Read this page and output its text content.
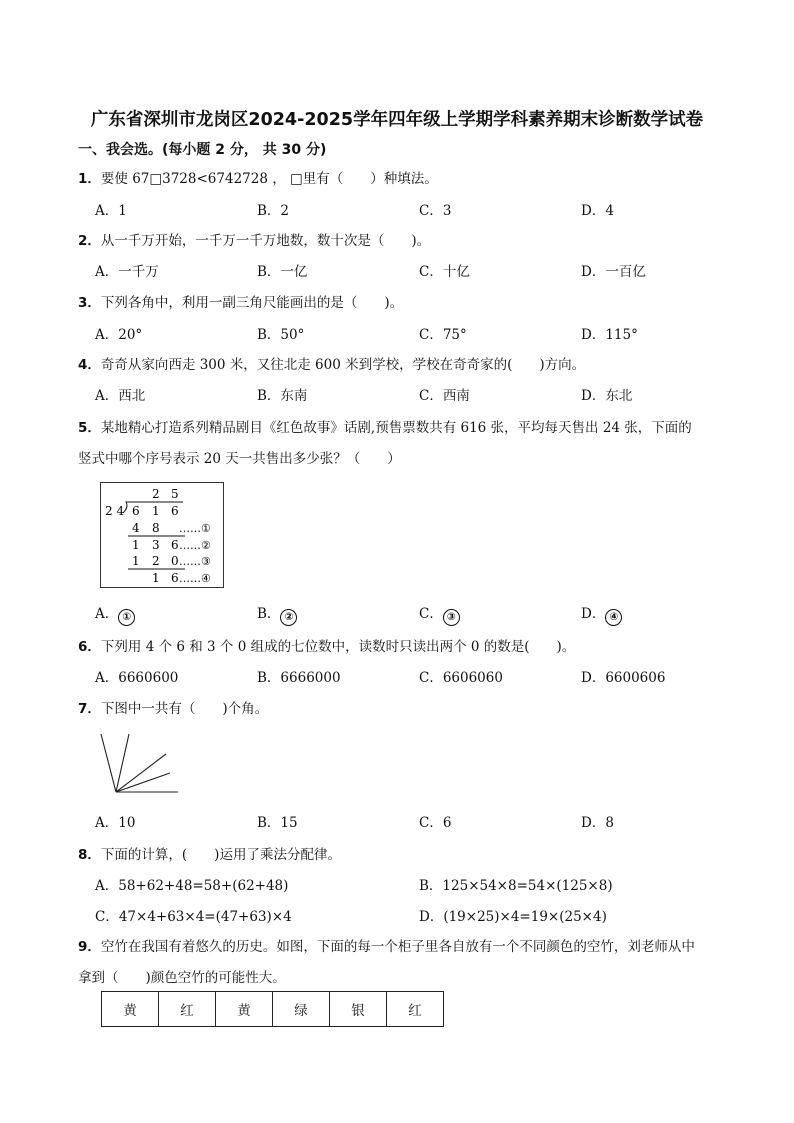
广东省深圳市龙岗区2024-2025学年四年级上学期学科素养期末诊断数学试卷
一、我会选。(每小题 2 分， 共 30 分)
1．要使 67□3728<6742728 ， □里有（　　）种填法。
A．1	B．2	C．3	D．4
2．从一千万开始，一千万一千万地数，数十次是（　　)。
A．一千万	B．一亿	C．十亿	D．一百亿
3．下列各角中，利用一副三角尺能画出的是（　　)。
A．20°	B．50°	C．75°	D．115°
4．奇奇从家向西走 300 米，又往北走 600 米到学校，学校在奇奇家的(　　)方向。
A．西北	B．东南	C．西南	D．东北
5．某地精心打造系列精品剧目《红色故事》话剧,预售票数共有 616 张，平均每天售出 24 张，下面的
竖式中哪个序号表示 20 天一共售出多少张？（　　）
2 5
2 4 6 1 6
4 8 ……①
1 3 6 ……②
1 2 0 ……③
1 6 ……④
A． ①	B． ②	C． ③	D． ④
6．下列用 4 个 6 和 3 个 0 组成的七位数中，读数时只读出两个 0 的数是(　　)。
A．6660600	B．6666000	C．6606060	D．6600606
7．下图中一共有（　　)个角。
A．10	B．15	C．6	D．8
8．下面的计算，(　　)运用了乘法分配律。
A．58+62+48=58+(62+48)	B．125×54×8=54×(125×8)
C．47×4+63×4=(47+63)×4	D．(19×25)×4=19×(25×4)
9．空竹在我国有着悠久的历史。如图，下面的每一个柜子里各自放有一个不同颜色的空竹，刘老师从中
拿到（　　)颜色空竹的可能性大。
黄	红	黄	绿	银	红
